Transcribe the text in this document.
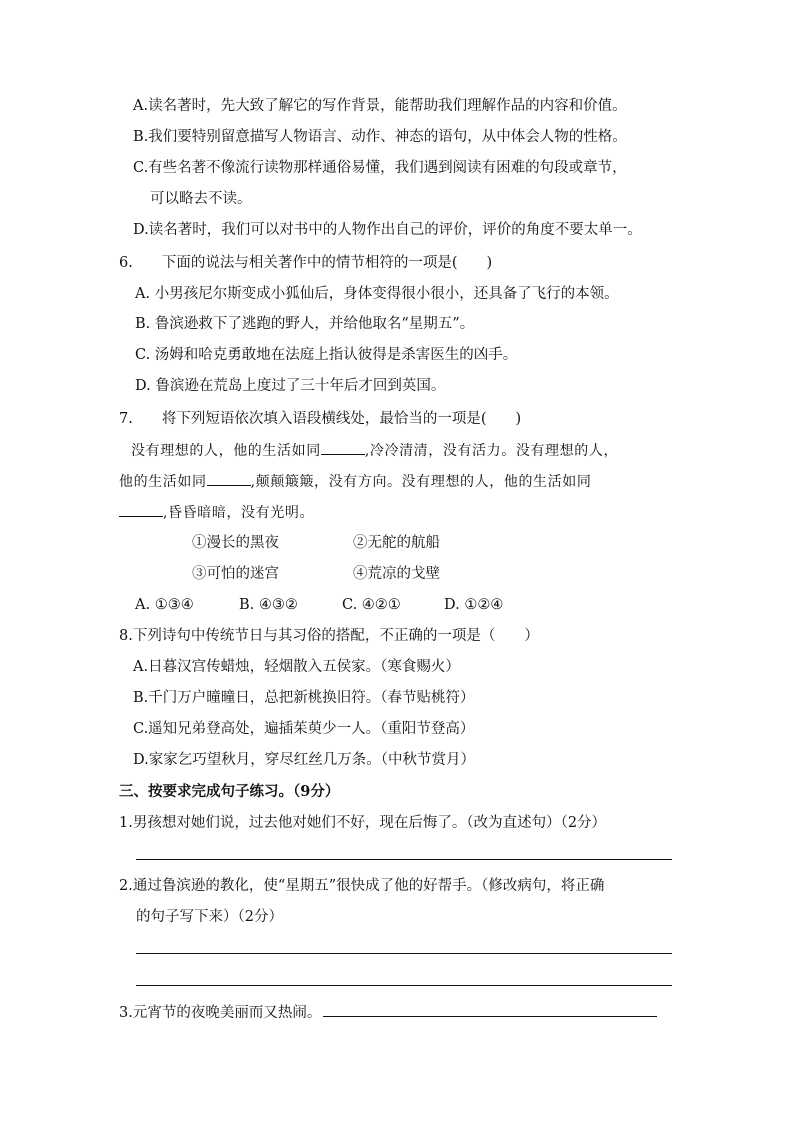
A.读名著时，先大致了解它的写作背景，能帮助我们理解作品的内容和价值。
B.我们要特别留意描写人物语言、动作、神态的语句，从中体会人物的性格。
C.有些名著不像流行读物那样通俗易懂，我们遇到阅读有困难的句段或章节，
可以略去不读。
D.读名著时，我们可以对书中的人物作出自己的评价，评价的角度不要太单一。
6.　　下面的说法与相关著作中的情节相符的一项是(　　)
A. 小男孩尼尔斯变成小狐仙后，身体变得很小很小，还具备了飞行的本领。
B. 鲁滨逊救下了逃跑的野人，并给他取名“星期五”。
C. 汤姆和哈克勇敢地在法庭上指认彼得是杀害医生的凶手。
D. 鲁滨逊在荒岛上度过了三十年后才回到英国。
7.　　将下列短语依次填入语段横线处，最恰当的一项是(　　)
没有理想的人，他的生活如同	,冷冷清清，没有活力。没有理想的人，
他的生活如同	,颠颠簸簸，没有方向。没有理想的人，他的生活如同
,昏昏暗暗，没有光明。
①漫长的黑夜	②无舵的航船
③可怕的迷宫	④荒凉的戈壁
A. ①③④	B. ④③②	C. ④②①	D. ①②④
8.下列诗句中传统节日与其习俗的搭配，不正确的一项是（　　）
A.日暮汉宫传蜡烛，轻烟散入五侯家。（寒食赐火）
B.千门万户曈曈日，总把新桃换旧符。（春节贴桃符）
C.遥知兄弟登高处，遍插茱萸少一人。（重阳节登高）
D.家家乞巧望秋月，穿尽红丝几万条。（中秋节赏月）
三、按要求完成句子练习。（9分）
1.男孩想对她们说，过去他对她们不好，现在后悔了。（改为直述句）（2分）
2.通过鲁滨逊的教化，使“星期五”很快成了他的好帮手。（修改病句，将正确
的句子写下来）（2分）
3.元宵节的夜晚美丽而又热闹。
